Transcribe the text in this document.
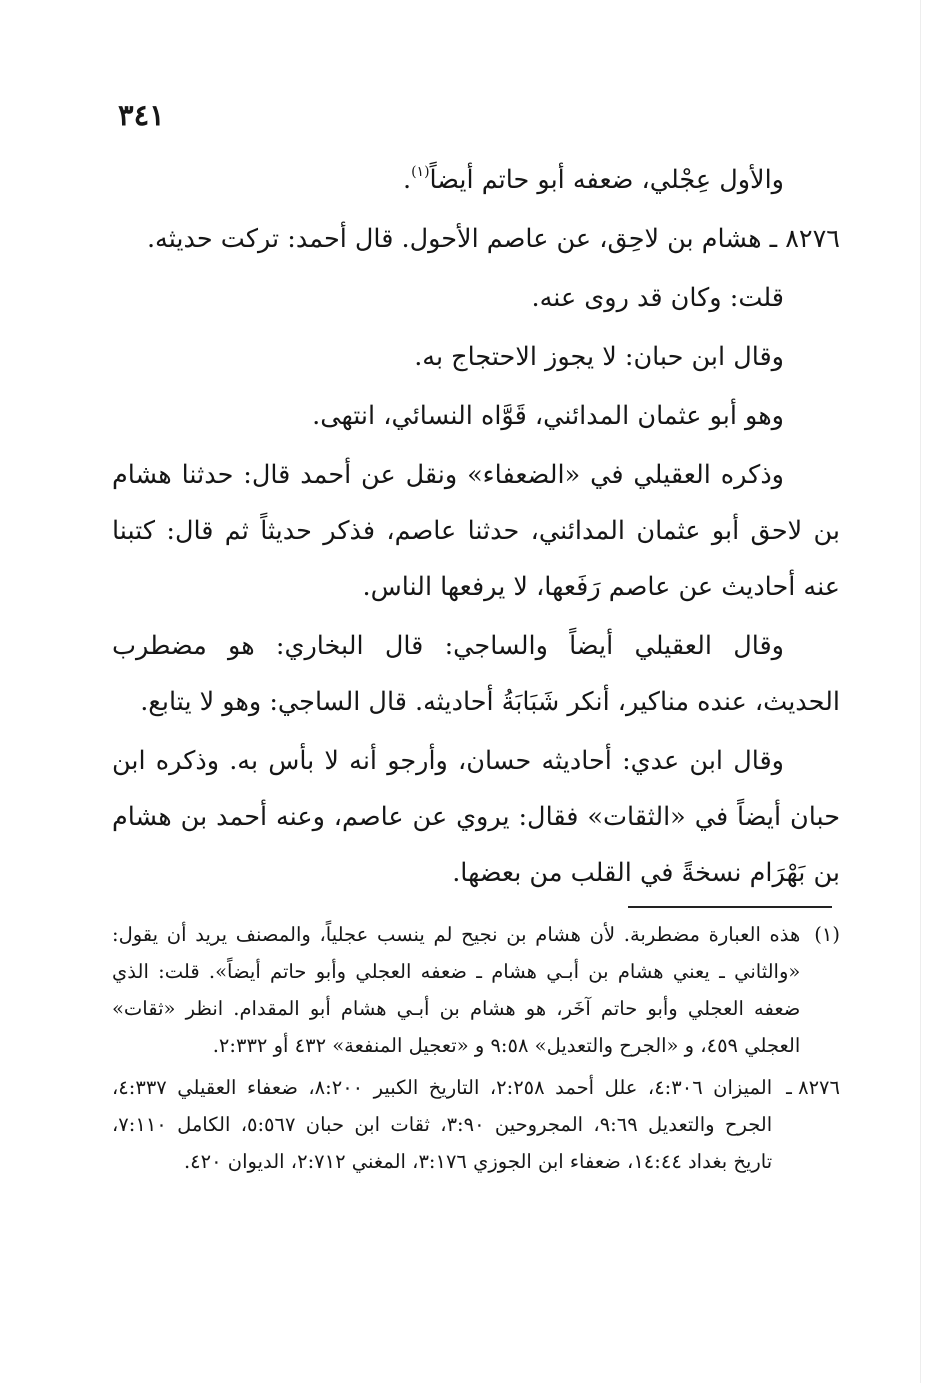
٣٤١

والأول عِجْلي، ضعفه أبو حاتم أيضاً$^{(١)}$.

٨٢٧٦ ـ هشام بن لاحِق، عن عاصم الأحول. قال أحمد: تركت حديثه.

قلت: وكان قد روى عنه.

وقال ابن حبان: لا يجوز الاحتجاج به.

وهو أبو عثمان المدائني، قَوَّاه النسائي، انتهى.

وذكره العقيلي في «الضعفاء» ونقل عن أحمد قال: حدثنا هشام بن لاحق أبو عثمان المدائني، حدثنا عاصم، فذكر حديثاً ثم قال: كتبنا عنه أحاديث عن عاصم رَفَعها، لا يرفعها الناس.

وقال العقيلي أيضاً والساجي: قال البخاري: هو مضطرب الحديث، عنده مناكير، أنكر شَبَابَةُ أحاديثه. قال الساجي: وهو لا يتابع.

وقال ابن عدي: أحاديثه حسان، وأرجو أنه لا بأس به. وذكره ابن حبان أيضاً في «الثقات» فقال: يروي عن عاصم، وعنه أحمد بن هشام بن بَهْرَام نسخةً في القلب من بعضها.

(١)
هذه العبارة مضطربة. لأن هشام بن نجيح لم ينسب عجلياً، والمصنف يريد أن يقول: «والثاني ـ يعني هشام بن أبـي هشام ـ ضعفه العجلي وأبو حاتم أيضاً». قلت: الذي ضعفه العجلي وأبو حاتم آخَر، هو هشام بن أبـي هشام أبو المقدام. انظر «ثقات» العجلي ٤٥٩، و «الجرح والتعديل» ٩:٥٨ و «تعجيل المنفعة» ٤٣٢ أو ٢:٣٣٢.
٨٢٧٦ ـ
الميزان ٤:٣٠٦، علل أحمد ٢:٢٥٨، التاريخ الكبير ٨:٢٠٠، ضعفاء العقيلي ٤:٣٣٧، الجرح والتعديل ٩:٦٩، المجروحين ٣:٩٠، ثقات ابن حبان ٥:٥٦٧، الكامل ٧:١١٠، تاريخ بغداد ١٤:٤٤، ضعفاء ابن الجوزي ٣:١٧٦، المغني ٢:٧١٢، الديوان ٤٢٠.
